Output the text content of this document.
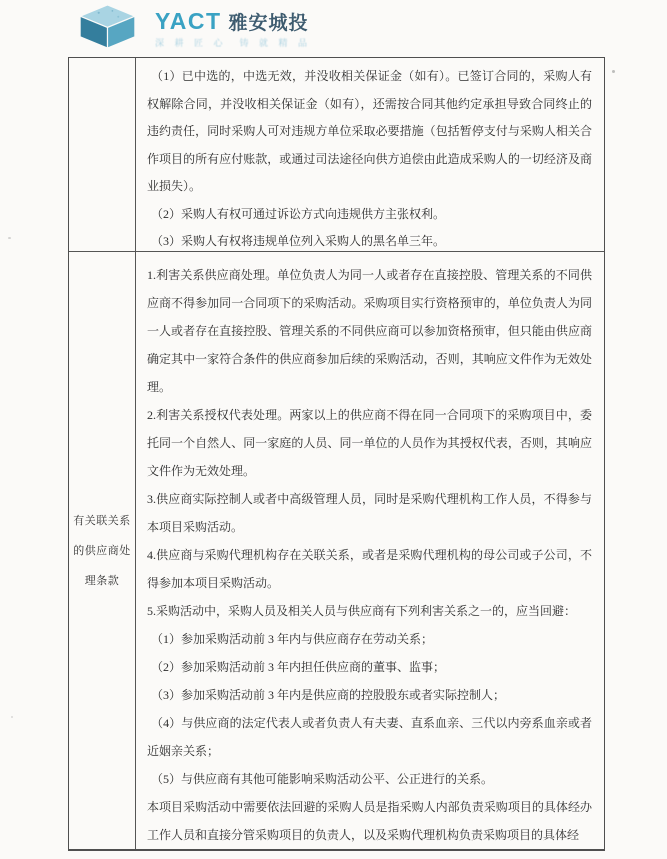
YACT 雅安城投
深 耕 匠 心　铸 就 精 品

（1）已中选的，中选无效，并没收相关保证金（如有）。已签订合同的，采购人有权解除合同，并没收相关保证金（如有），还需按合同其他约定承担导致合同终止的违约责任，同时采购人可对违规方单位采取必要措施（包括暂停支付与采购人相关合作项目的所有应付账款，或通过司法途径向供方追偿由此造成采购人的一切经济及商业损失）。

（2）采购人有权可通过诉讼方式向违规供方主张权利。

（3）采购人有权将违规单位列入采购人的黑名单三年。

有关联关系的供应商处理条款

1.利害关系供应商处理。单位负责人为同一人或者存在直接控股、管理关系的不同供应商不得参加同一合同项下的采购活动。采购项目实行资格预审的，单位负责人为同一人或者存在直接控股、管理关系的不同供应商可以参加资格预审，但只能由供应商确定其中一家符合条件的供应商参加后续的采购活动，否则，其响应文件作为无效处理。

2.利害关系授权代表处理。两家以上的供应商不得在同一合同项下的采购项目中，委托同一个自然人、同一家庭的人员、同一单位的人员作为其授权代表，否则，其响应文件作为无效处理。

3.供应商实际控制人或者中高级管理人员，同时是采购代理机构工作人员，不得参与本项目采购活动。

4.供应商与采购代理机构存在关联关系，或者是采购代理机构的母公司或子公司，不得参加本项目采购活动。

5.采购活动中，采购人员及相关人员与供应商有下列利害关系之一的，应当回避：

（1）参加采购活动前 3 年内与供应商存在劳动关系；

（2）参加采购活动前 3 年内担任供应商的董事、监事；

（3）参加采购活动前 3 年内是供应商的控股股东或者实际控制人；

（4）与供应商的法定代表人或者负责人有夫妻、直系血亲、三代以内旁系血亲或者近姻亲关系；

（5）与供应商有其他可能影响采购活动公平、公正进行的关系。

本项目采购活动中需要依法回避的采购人员是指采购人内部负责采购项目的具体经办工作人员和直接分管采购项目的负责人，以及采购代理机构负责采购项目的具体经
